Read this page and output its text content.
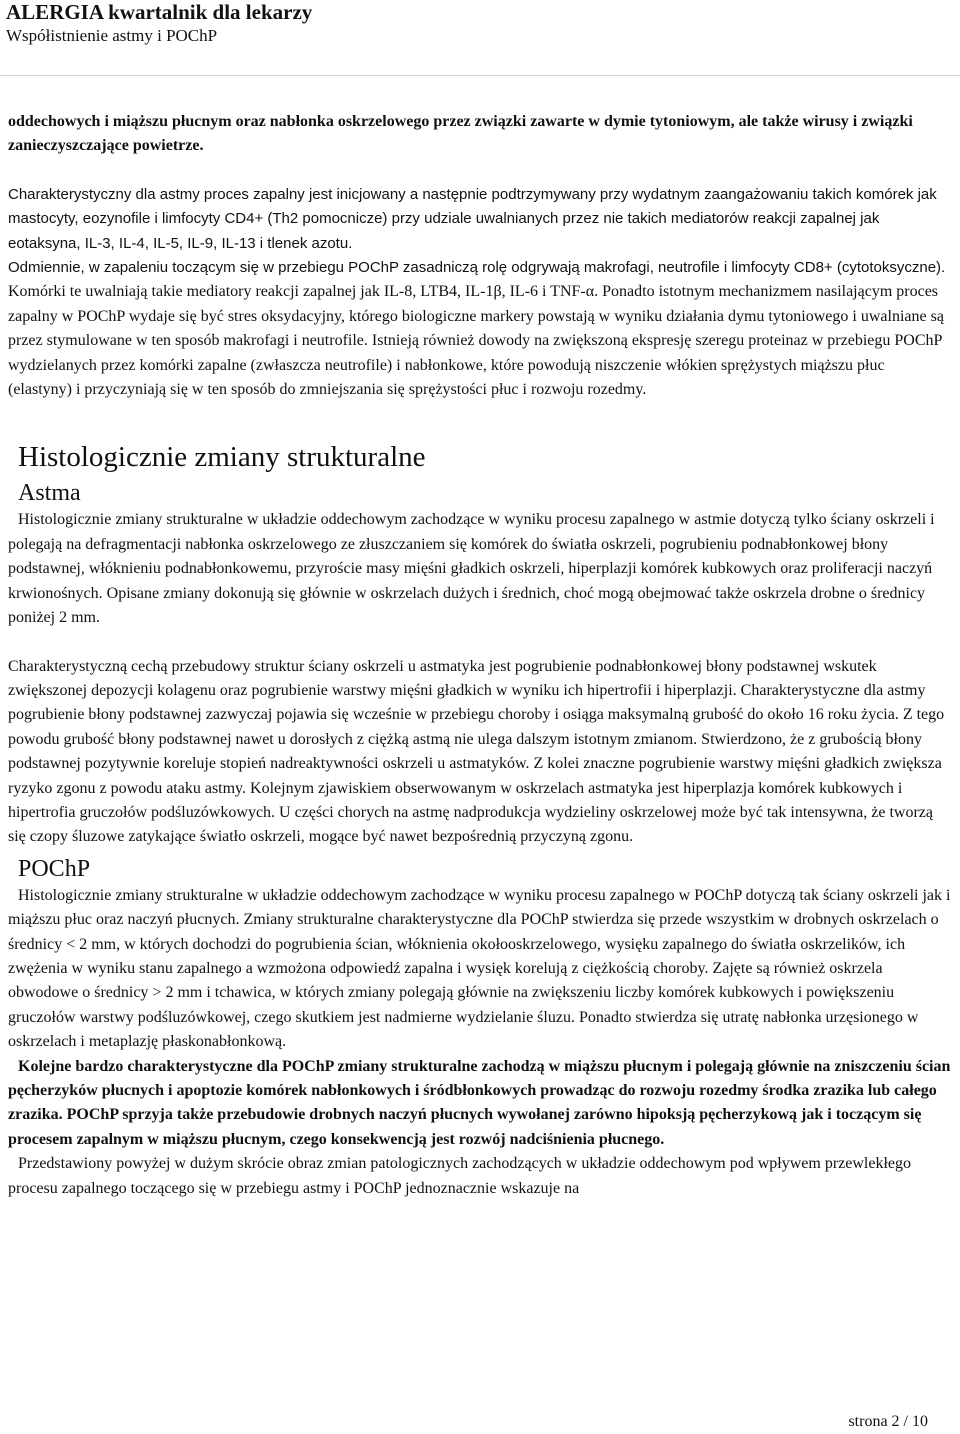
ALERGIA kwartalnik dla lekarzy

Współistnienie astmy i POChP

oddechowych i miąższu płucnym oraz nabłonka oskrzelowego przez związki zawarte w dymie tytoniowym, ale także wirusy i związki zanieczyszczające powietrze.

Charakterystyczny dla astmy proces zapalny jest inicjowany a następnie podtrzymywany przy wydatnym zaangażowaniu takich komórek jak mastocyty, eozynofile i limfocyty CD4+ (Th2 pomocnicze) przy udziale uwalnianych przez nie takich mediatorów reakcji zapalnej jak eotaksyna, IL-3, IL-4, IL-5, IL-9, IL-13 i tlenek azotu.

Odmiennie, w zapaleniu toczącym się w przebiegu POChP zasadniczą rolę odgrywają makrofagi, neutrofile i limfocyty CD8+ (cytotoksyczne). Komórki te uwalniają takie mediatory reakcji zapalnej jak IL-8, LTB4, IL-1β, IL-6 i TNF-α. Ponadto istotnym mechanizmem nasilającym proces zapalny w POChP wydaje się być stres oksydacyjny, którego biologiczne markery powstają w wyniku działania dymu tytoniowego i uwalniane są przez stymulowane w ten sposób makrofagi i neutrofile. Istnieją również dowody na zwiększoną ekspresję szeregu proteinaz w przebiegu POChP wydzielanych przez komórki zapalne (zwłaszcza neutrofile) i nabłonkowe, które powodują niszczenie włókien sprężystych miąższu płuc (elastyny) i przyczyniają się w ten sposób do zmniejszania się sprężystości płuc i rozwoju rozedmy.

Histologicznie zmiany strukturalne
Astma

Histologicznie zmiany strukturalne w układzie oddechowym zachodzące w wyniku procesu zapalnego w astmie dotyczą tylko ściany oskrzeli i polegają na defragmentacji nabłonka oskrzelowego ze złuszczaniem się komórek do światła oskrzeli, pogrubieniu podnabłonkowej błony podstawnej, włóknieniu podnabłonkowemu, przyroście masy mięśni gładkich oskrzeli, hiperplazji komórek kubkowych oraz proliferacji naczyń krwionośnych. Opisane zmiany dokonują się głównie w oskrzelach dużych i średnich, choć mogą obejmować także oskrzela drobne o średnicy poniżej 2 mm.

Charakterystyczną cechą przebudowy struktur ściany oskrzeli u astmatyka jest pogrubienie podnabłonkowej błony podstawnej wskutek zwiększonej depozycji kolagenu oraz pogrubienie warstwy mięśni gładkich w wyniku ich hipertrofii i hiperplazji. Charakterystyczne dla astmy pogrubienie błony podstawnej zazwyczaj pojawia się wcześnie w przebiegu choroby i osiąga maksymalną grubość do około 16 roku życia. Z tego powodu grubość błony podstawnej nawet u dorosłych z ciężką astmą nie ulega dalszym istotnym zmianom. Stwierdzono, że z grubością błony podstawnej pozytywnie koreluje stopień nadreaktywności oskrzeli u astmatyków. Z kolei znaczne pogrubienie warstwy mięśni gładkich zwiększa ryzyko zgonu z powodu ataku astmy. Kolejnym zjawiskiem obserwowanym w oskrzelach astmatyka jest hiperplazja komórek kubkowych i hipertrofia gruczołów podśluzówkowych. U części chorych na astmę nadprodukcja wydzieliny oskrzelowej może być tak intensywna, że tworzą się czopy śluzowe zatykające światło oskrzeli, mogące być nawet bezpośrednią przyczyną zgonu.

POChP

Histologicznie zmiany strukturalne w układzie oddechowym zachodzące w wyniku procesu zapalnego w POChP dotyczą tak ściany oskrzeli jak i miąższu płuc oraz naczyń płucnych. Zmiany strukturalne charakterystyczne dla POChP stwierdza się przede wszystkim w drobnych oskrzelach o średnicy < 2 mm, w których dochodzi do pogrubienia ścian, włóknienia okołooskrzelowego, wysięku zapalnego do światła oskrzelików, ich zwężenia w wyniku stanu zapalnego a wzmożona odpowiedź zapalna i wysięk korelują z ciężkością choroby. Zajęte są również oskrzela obwodowe o średnicy > 2 mm i tchawica, w których zmiany polegają głównie na zwiększeniu liczby komórek kubkowych i powiększeniu gruczołów warstwy podśluzówkowej, czego skutkiem jest nadmierne wydzielanie śluzu. Ponadto stwierdza się utratę nabłonka urzęsionego w oskrzelach i metaplazję płaskonabłonkową.

Kolejne bardzo charakterystyczne dla POChP zmiany strukturalne zachodzą w miąższu płucnym i polegają głównie na zniszczeniu ścian pęcherzyków płucnych i apoptozie komórek nabłonkowych i śródbłonkowych prowadząc do rozwoju rozedmy środka zrazika lub całego zrazika. POChP sprzyja także przebudowie drobnych naczyń płucnych wywołanej zarówno hipoksją pęcherzykową jak i toczącym się procesem zapalnym w miąższu płucnym, czego konsekwencją jest rozwój nadciśnienia płucnego.

Przedstawiony powyżej w dużym skrócie obraz zmian patologicznych zachodzących w układzie oddechowym pod wpływem przewlekłego procesu zapalnego toczącego się w przebiegu astmy i POChP jednoznacznie wskazuje na

strona 2 / 10
